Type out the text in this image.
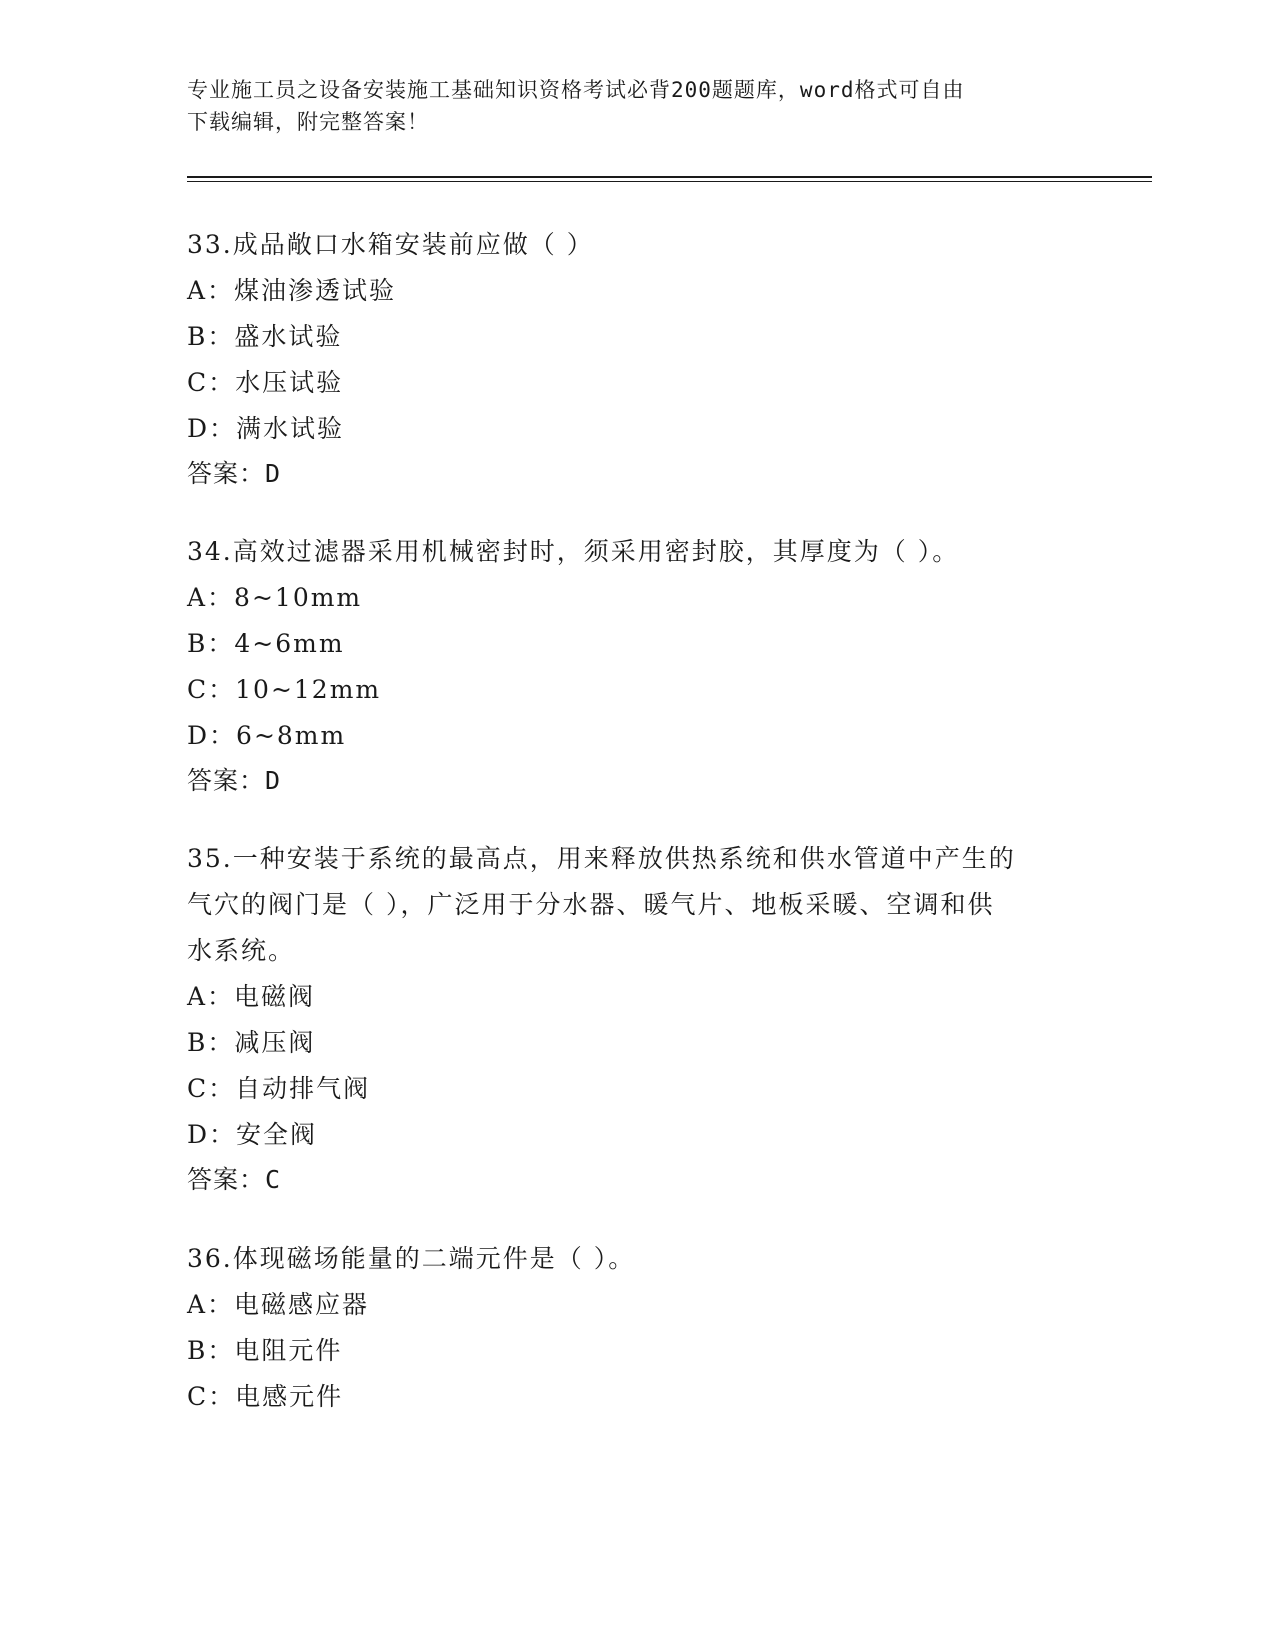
专业施工员之设备安装施工基础知识资格考试必背200题题库，word格式可自由
下载编辑，附完整答案！
33.成品敞口水箱安装前应做（ ）
A：煤油渗透试验
B：盛水试验
C：水压试验
D：满水试验
答案：D
34.高效过滤器采用机械密封时，须采用密封胶，其厚度为（ ）。
A：8~10mm
B：4~6mm
C：10~12mm
D：6~8mm
答案：D
35.一种安装于系统的最高点，用来释放供热系统和供水管道中产生的
气穴的阀门是（ ），广泛用于分水器、暖气片、地板采暖、空调和供
水系统。
A：电磁阀
B：减压阀
C：自动排气阀
D：安全阀
答案：C
36.体现磁场能量的二端元件是（ ）。
A：电磁感应器
B：电阻元件
C：电感元件
